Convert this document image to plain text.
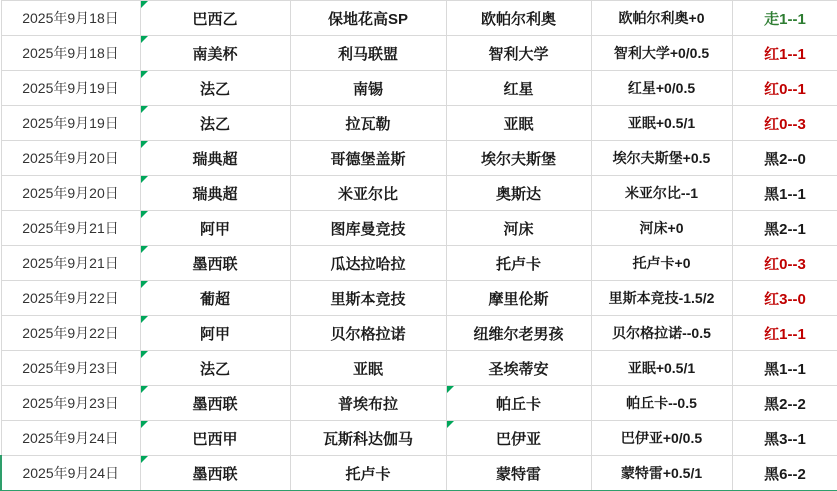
2025年9月18日	巴西乙	保地花高SP	欧帕尔利奥	欧帕尔利奥+0	走1--1
2025年9月18日	南美杯	利马联盟	智利大学	智利大学+0/0.5	红1--1
2025年9月19日	法乙	南锡	红星	红星+0/0.5	红0--1
2025年9月19日	法乙	拉瓦勒	亚眠	亚眠+0.5/1	红0--3
2025年9月20日	瑞典超	哥德堡盖斯	埃尔夫斯堡	埃尔夫斯堡+0.5	黑2--0
2025年9月20日	瑞典超	米亚尔比	奥斯达	米亚尔比--1	黑1--1
2025年9月21日	阿甲	图库曼竞技	河床	河床+0	黑2--1
2025年9月21日	墨西联	瓜达拉哈拉	托卢卡	托卢卡+0	红0--3
2025年9月22日	葡超	里斯本竞技	摩里伦斯	里斯本竞技-1.5/2	红3--0
2025年9月22日	阿甲	贝尔格拉诺	纽维尔老男孩	贝尔格拉诺--0.5	红1--1
2025年9月23日	法乙	亚眠	圣埃蒂安	亚眠+0.5/1	黑1--1
2025年9月23日	墨西联	普埃布拉	帕丘卡	帕丘卡--0.5	黑2--2
2025年9月24日	巴西甲	瓦斯科达伽马	巴伊亚	巴伊亚+0/0.5	黑3--1
2025年9月24日	墨西联	托卢卡	蒙特雷	蒙特雷+0.5/1	黑6--2
